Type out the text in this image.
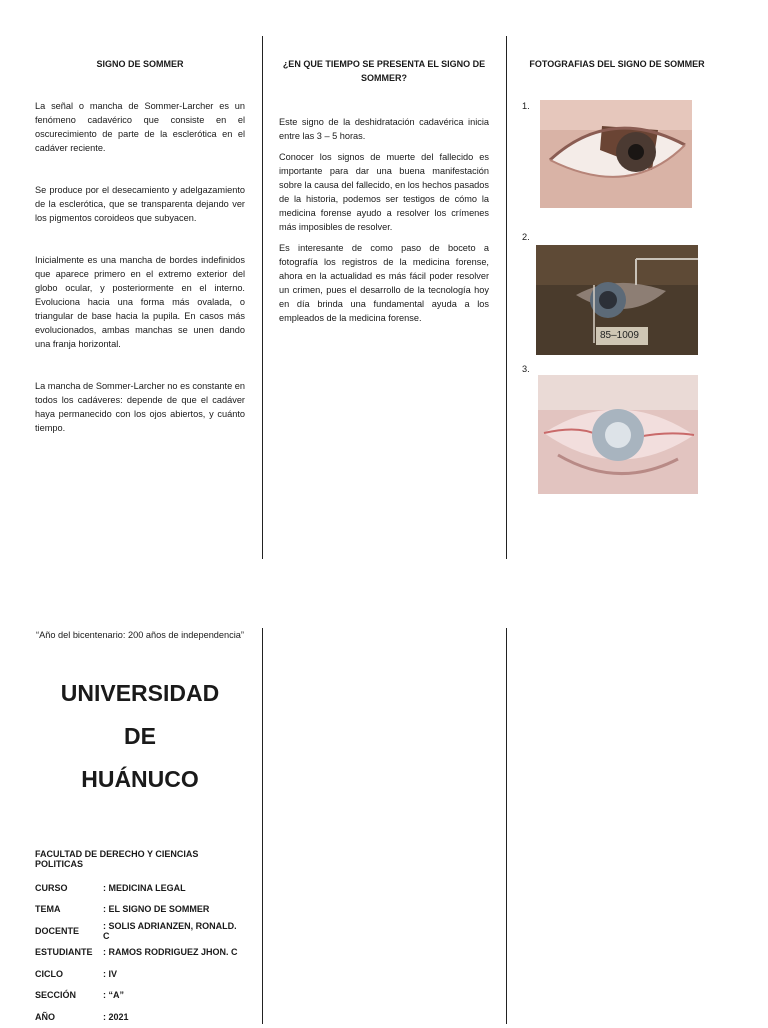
SIGNO DE SOMMER

La señal o mancha de Sommer-Larcher es un fenómeno cadavérico que consiste en el oscurecimiento de parte de la esclerótica en el cadáver reciente.

Se produce por el desecamiento y adelgazamiento de la esclerótica, que se transparenta dejando ver los pigmentos coroideos que subyacen.

Inicialmente es una mancha de bordes indefinidos que aparece primero en el extremo exterior del globo ocular, y posteriormente en el interno. Evoluciona hacia una forma más ovalada, o triangular de base hacia la pupila. En casos más evolucionados, ambas manchas se unen dando una franja horizontal.

La mancha de Sommer-Larcher no es constante en todos los cadáveres: depende de que el cadáver haya permanecido con los ojos abiertos, y cuánto tiempo.

¿EN QUE TIEMPO SE PRESENTA EL SIGNO DE SOMMER?

Este signo de la deshidratación cadavérica inicia entre las 3 – 5 horas.

Conocer los signos de muerte del fallecido es importante para dar una buena manifestación sobre la causa del fallecido, en los hechos pasados de la historia, podemos ser testigos de cómo la medicina forense ayudo a resolver los crímenes más imposibles de resolver.

Es interesante de como paso de boceto a fotografía los registros de la medicina forense, ahora en la actualidad es más fácil poder resolver un crimen, pues el desarrollo de la tecnología hoy en día brinda una fundamental ayuda a los empleados de la medicina forense.

FOTOGRAFIAS DEL SIGNO DE SOMMER
1.
2.
85–1009
3.
“Año del bicentenario: 200 años de independencia”
UNIVERSIDAD
DE
HUÁNUCO
FACULTAD DE DERECHO Y CIENCIAS POLITICAS
CURSO	: MEDICINA LEGAL
TEMA	: EL SIGNO DE SOMMER
DOCENTE	: SOLIS ADRIANZEN, RONALD. C
ESTUDIANTE	: RAMOS RODRIGUEZ JHON. C
CICLO	: IV
SECCIÓN	: “A”
AÑO	: 2021
